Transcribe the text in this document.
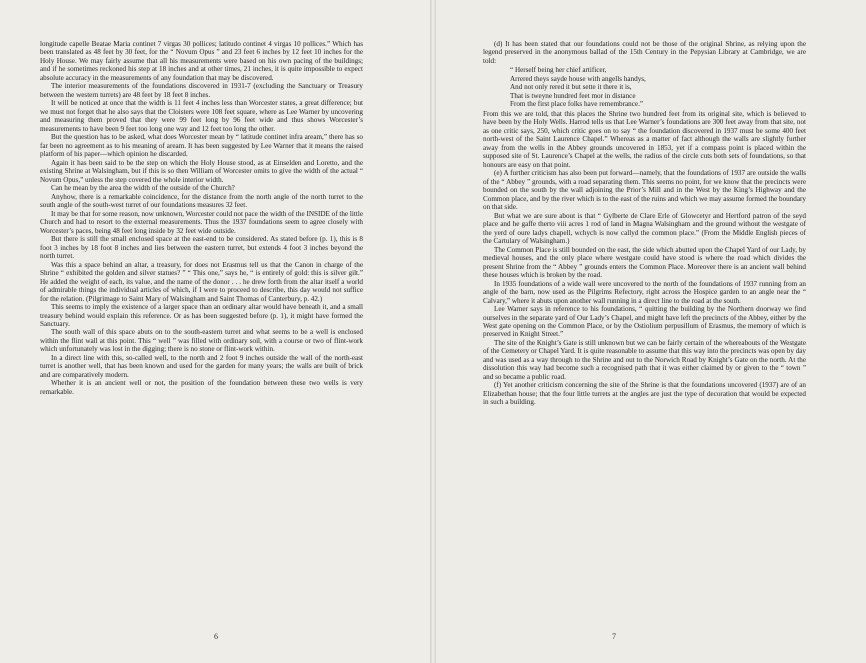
longitude capelle Beatae Maria continet 7 virgas 30 pollices; latitudo continet 4 virgas 10 pollices.” Which has been translated as 48 feet by 30 feet, for the “ Novum Opus ” and 23 feet 6 inches by 12 feet 10 inches for the Holy House. We may fairly assume that all his measurements were based on his own pacing of the buildings; and if he sometimes reckoned his step at 18 inches and at other times, 21 inches, it is quite impossible to expect absolute accuracy in the measurements of any foundation that may be discovered.

The interior measurements of the foundations discovered in 1931-7 (excluding the Sanctuary or Treasury between the western turrets) are 48 feet by 18 feet 8 inches.

It will be noticed at once that the width is 11 feet 4 inches less than Worcester states, a great difference; but we must not forget that he also says that the Cloisters were 108 feet square, where as Lee Warner by uncovering and measuring them proved that they were 99 feet long by 96 feet wide and thus shows Worcester’s measurements to have been 9 feet too long one way and 12 feet too long the other.

But the question has to be asked, what does Worcester mean by “ latitude continet infra aream,” there has so far been no agreement as to his meaning of aream. It has been suggested by Lee Warner that it means the raised platform of his paper—which opinion he discarded.

Again it has been said to be the step on which the Holy House stood, as at Einselden and Loretto, and the existing Shrine at Walsingham, but if this is so then William of Worcester omits to give the width of the actual “ Novum Opus,” unless the step covered the whole interior width.

Can he mean by the area the width of the outside of the Church?

Anyhow, there is a remarkable coincidence, for the distance from the north angle of the north turret to the south angle of the south-west turret of our foundations measures 32 feet.

It may be that for some reason, now unknown, Worcester could not pace the width of the INSIDE of the little Church and had to resort to the external measurements. Thus the 1937 foundations seem to agree closely with Worcester’s paces, being 48 feet long inside by 32 feet wide outside.

But there is still the small enclosed space at the east-end to be considered. As stated before (p. 1), this is 8 foot 3 inches by 18 foot 8 inches and lies between the eastern turret, but extends 4 foot 3 inches beyond the north turret.

Was this a space behind an altar, a treasury, for does not Erasmus tell us that the Canon in charge of the Shrine “ exhibited the golden and silver statues? ” “ This one,” says he, “ is entirely of gold: this is silver gilt.” He added the weight of each, its value, and the name of the donor . . . he drew forth from the altar itself a world of admirable things the individual articles of which, if I were to proceed to describe, this day would not suffice for the relation. (Pilgrimage to Saint Mary of Walsingham and Saint Thomas of Canterbury, p. 42.)

This seems to imply the existence of a larger space than an ordinary altar would have beneath it, and a small treasury behind would explain this reference. Or as has been suggested before (p. 1), it might have formed the Sanctuary.

The south wall of this space abuts on to the south-eastern turret and what seems to be a well is enclosed within the flint wall at this point. This “ well ” was filled with ordinary soil, with a course or two of flint-work which unfortunately was lost in the digging; there is no stone or flint-work within.

In a direct line with this, so-called well, to the north and 2 foot 9 inches outside the wall of the north-east turret is another well, that has been known and used for the garden for many years; the walls are built of brick and are comparatively modern.

Whether it is an ancient well or not, the position of the foundation between these two wells is very remarkable.

6

(d) It has been stated that our foundations could not be those of the original Shrine, as relying upon the legend preserved in the anonymous ballad of the 15th Century in the Pepysian Library at Cambridge, we are told:

“ Herself being her chief artificer,
Arrered theys sayde house with angells handys,
And not only rered it but sette it there it is,
That is tweyne hundred feet mor in distance
From the first place folks have remembrance.”

From this we are told, that this places the Shrine two hundred feet from its original site, which is believed to have been by the Holy Wells. Harrod tells us that Lee Warner’s foundations are 300 feet away from that site, not as one critic says, 250, which critic goes on to say “ the foundation discovered in 1937 must be some 400 feet north-west of the Saint Laurence Chapel.” Whereas as a matter of fact although the walls are slightly further away from the wells in the Abbey grounds uncovered in 1853, yet if a compass point is placed within the supposed site of St. Laurence’s Chapel at the wells, the radius of the circle cuts both sets of foundations, so that honours are easy on that point.

(e) A further criticism has also been put forward—namely, that the foundations of 1937 are outside the walls of the “ Abbey ” grounds, with a road separating them. This seems no point, for we know that the precincts were bounded on the south by the wall adjoining the Prior’s Mill and in the West by the King’s Highway and the Common place, and by the river which is to the east of the ruins and which we may assume formed the boundary on that side.

But what we are sure about is that “ Gylberte de Clare Erle of Glowcetyr and Hertford patron of the seyd place and he gaffe therto viii acres 1 rod of land in Magna Walsingham and the ground without the westgate of the yerd of oure ladys chapell, wchych is now callyd the common place.” (From the Middle English pieces of the Cartulary of Walsingham.)

The Common Place is still bounded on the east, the side which abutted upon the Chapel Yard of our Lady, by medieval houses, and the only place where westgate could have stood is where the road which divides the present Shrine from the “ Abbey ” grounds enters the Common Place. Moreover there is an ancient wall behind these houses which is broken by the road.

In 1935 foundations of a wide wall were uncovered to the north of the foundations of 1937 running from an angle of the barn, now used as the Pilgrims Refectory, right across the Hospice garden to an angle near the “ Calvary,” where it abuts upon another wall running in a direct line to the road at the south.

Lee Warner says in reference to his foundations, “ quitting the building by the Northern doorway we find ourselves in the separate yard of Our Lady’s Chapel, and might have left the precincts of the Abbey, either by the West gate opening on the Common Place, or by the Ostiolium perpusillum of Erasmus, the memory of which is preserved in Knight Street.”

The site of the Knight’s Gate is still unknown but we can be fairly certain of the whereabouts of the Westgate of the Cemetery or Chapel Yard. It is quite reasonable to assume that this way into the precincts was open by day and was used as a way through to the Shrine and out to the Norwich Road by Knight’s Gate on the north. At the dissolution this way had become such a recognised path that it was either claimed by or given to the “ town ” and so became a public road.

(f) Yet another criticism concerning the site of the Shrine is that the foundations uncovered (1937) are of an Elizabethan house; that the four little turrets at the angles are just the type of decoration that would be expected in such a building.

7
